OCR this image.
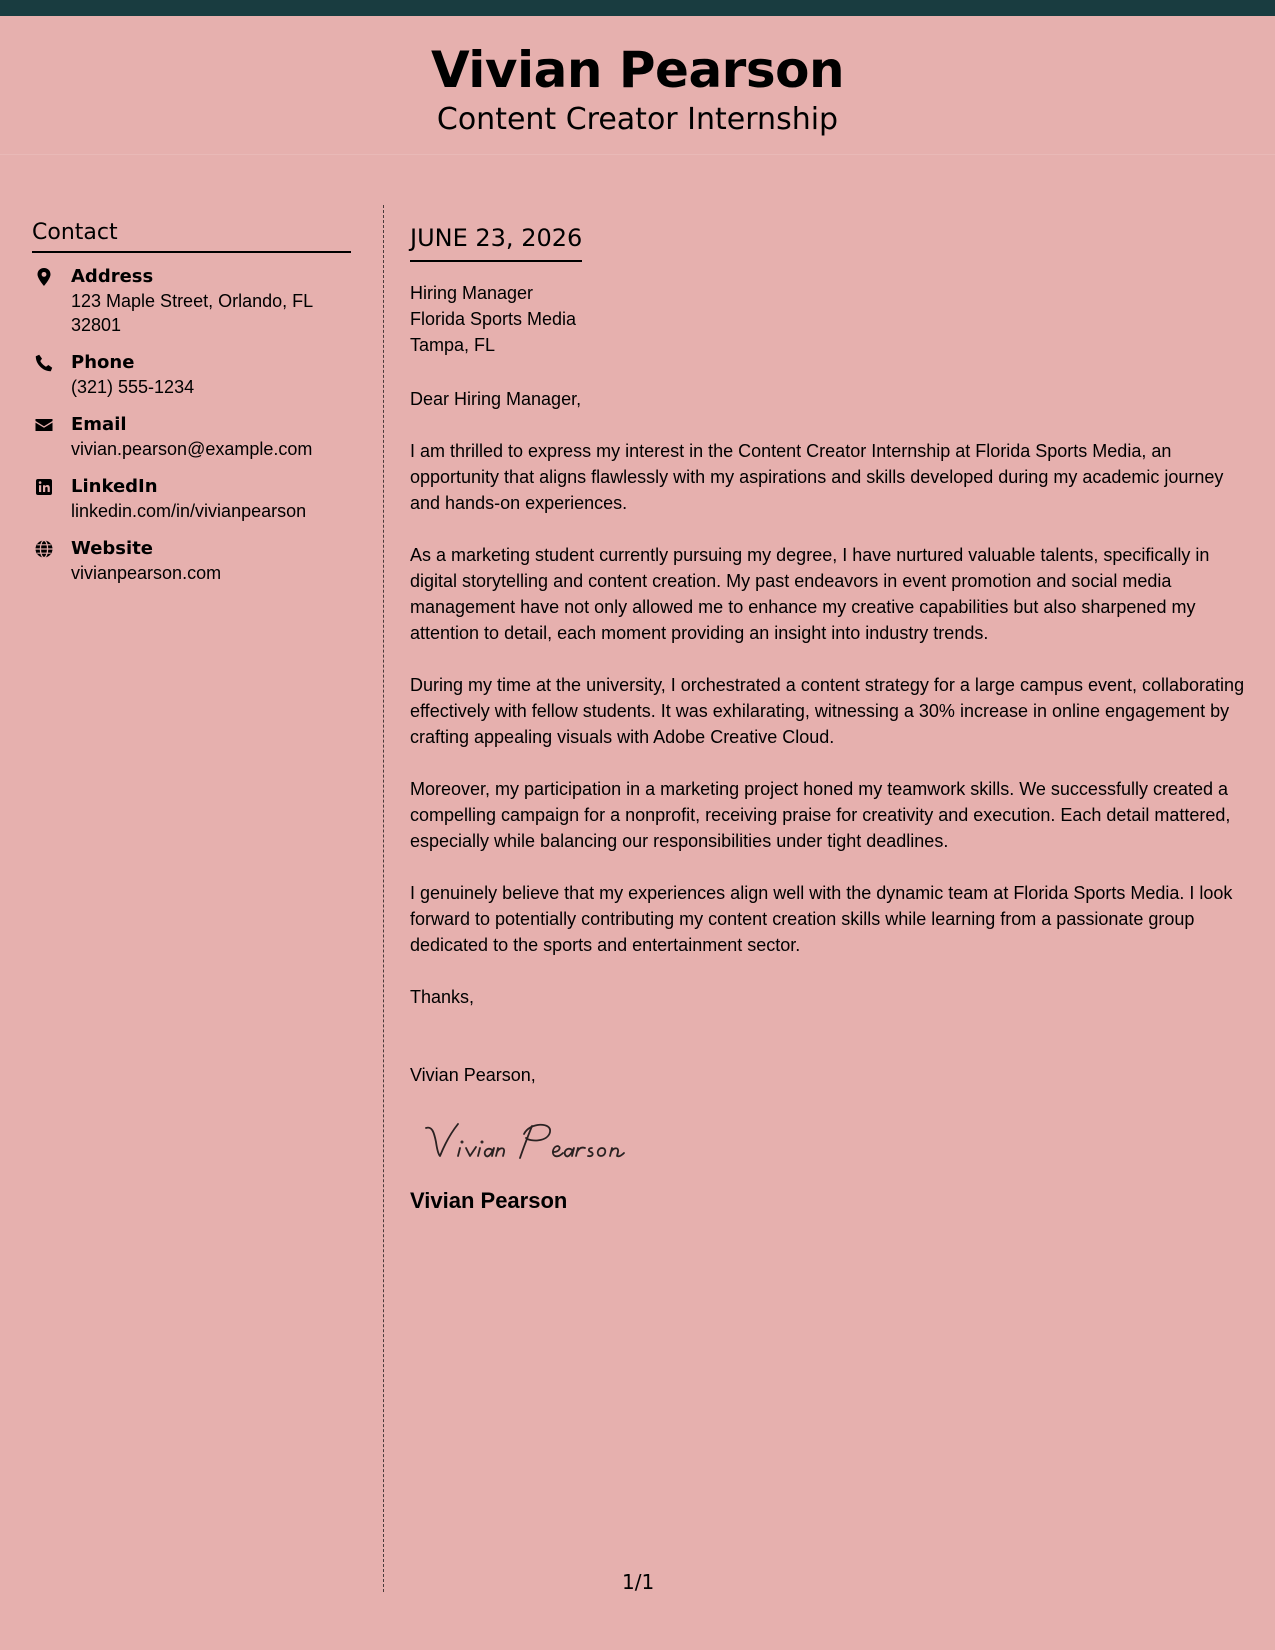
Vivian Pearson
Content Creator Internship
Contact
Address
123 Maple Street, Orlando, FL 32801
Phone
(321) 555-1234
Email
vivian.pearson@example.com
LinkedIn
linkedin.com/in/vivianpearson
Website
vivianpearson.com
JUNE 23, 2026
Hiring Manager
Florida Sports Media
Tampa, FL
Dear Hiring Manager,
I am thrilled to express my interest in the Content Creator Internship at Florida Sports Media, an opportunity that aligns flawlessly with my aspirations and skills developed during my academic journey and hands-on experiences.
As a marketing student currently pursuing my degree, I have nurtured valuable talents, specifically in digital storytelling and content creation. My past endeavors in event promotion and social media management have not only allowed me to enhance my creative capabilities but also sharpened my attention to detail, each moment providing an insight into industry trends.
During my time at the university, I orchestrated a content strategy for a large campus event, collaborating effectively with fellow students. It was exhilarating, witnessing a 30% increase in online engagement by crafting appealing visuals with Adobe Creative Cloud.
Moreover, my participation in a marketing project honed my teamwork skills. We successfully created a compelling campaign for a nonprofit, receiving praise for creativity and execution. Each detail mattered, especially while balancing our responsibilities under tight deadlines.
I genuinely believe that my experiences align well with the dynamic team at Florida Sports Media. I look forward to potentially contributing my content creation skills while learning from a passionate group dedicated to the sports and entertainment sector.
Thanks,
Vivian Pearson,
Vivian Pearson
1/1
